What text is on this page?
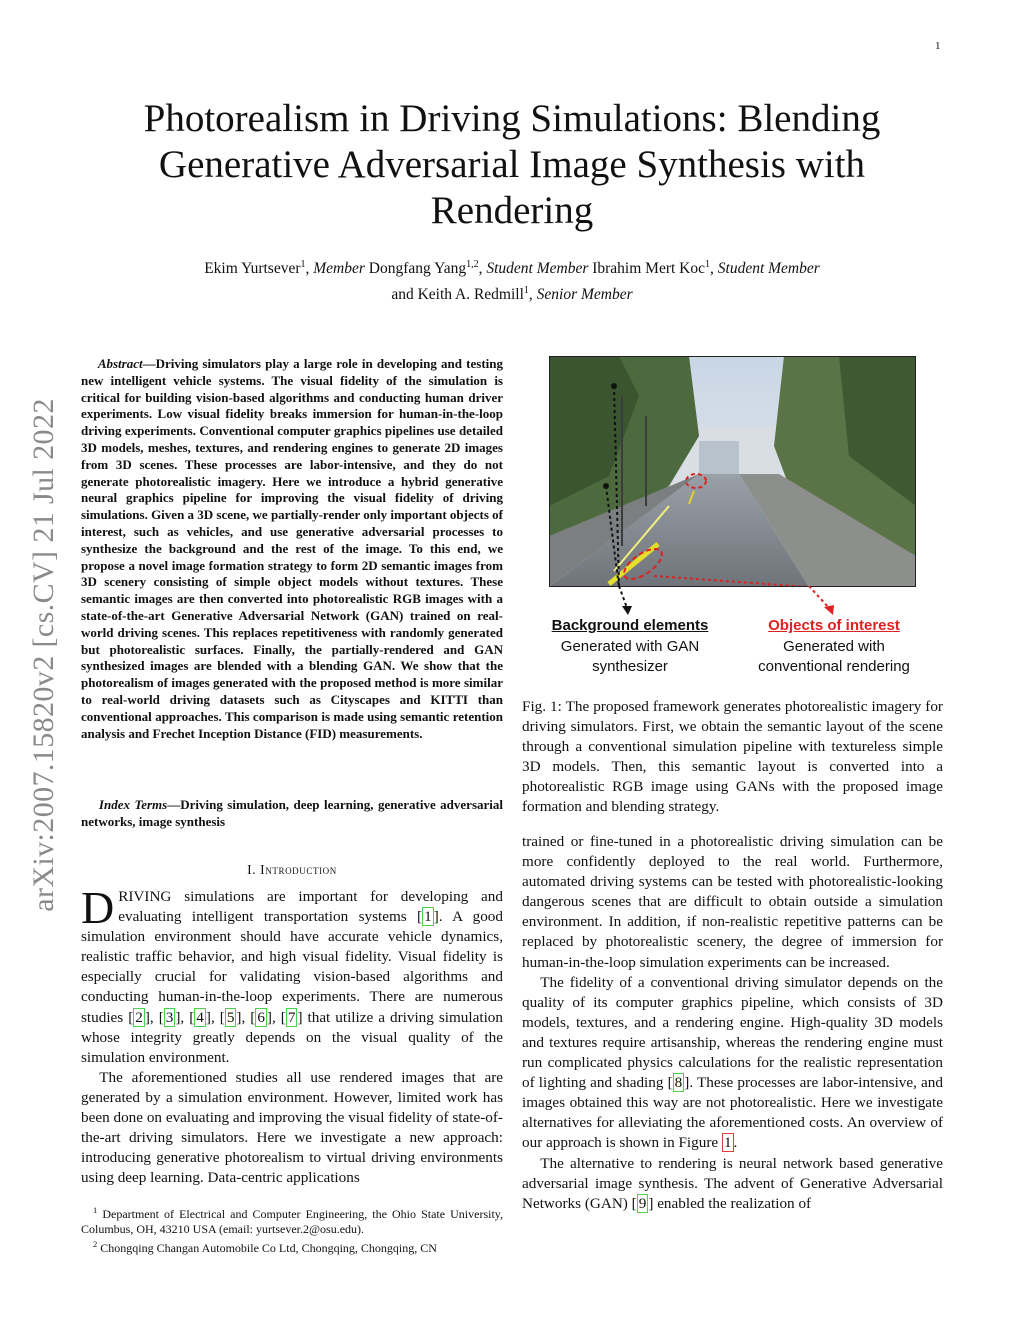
1
arXiv:2007.15820v2 [cs.CV] 21 Jul 2022
Photorealism in Driving Simulations: Blending
Generative Adversarial Image Synthesis with
Rendering
Ekim Yurtsever$^1$, Member Dongfang Yang$^{1,2}$, Student Member Ibrahim Mert Koc$^1$, Student Member
and Keith A. Redmill$^1$, Senior Member
Abstract—Driving simulators play a large role in developing and testing new intelligent vehicle systems. The visual fidelity of the simulation is critical for building vision-based algorithms and conducting human driver experiments. Low visual fidelity breaks immersion for human-in-the-loop driving experiments. Conventional computer graphics pipelines use detailed 3D models, meshes, textures, and rendering engines to generate 2D images from 3D scenes. These processes are labor-intensive, and they do not generate photorealistic imagery. Here we introduce a hybrid generative neural graphics pipeline for improving the visual fidelity of driving simulations. Given a 3D scene, we partially-render only important objects of interest, such as vehicles, and use generative adversarial processes to synthesize the background and the rest of the image. To this end, we propose a novel image formation strategy to form 2D semantic images from 3D scenery consisting of simple object models without textures. These semantic images are then converted into photorealistic RGB images with a state-of-the-art Generative Adversarial Network (GAN) trained on real-world driving scenes. This replaces repetitiveness with randomly generated but photorealistic surfaces. Finally, the partially-rendered and GAN synthesized images are blended with a blending GAN. We show that the photorealism of images generated with the proposed method is more similar to real-world driving datasets such as Cityscapes and KITTI than conventional approaches. This comparison is made using semantic retention analysis and Frechet Inception Distance (FID) measurements.
Index Terms—Driving simulation, deep learning, generative adversarial networks, image synthesis
I. Introduction

DRIVING simulations are important for developing and evaluating intelligent transportation systems [ 1 ]. A good simulation environment should have accurate vehicle dynamics, realistic traffic behavior, and high visual fidelity. Visual fidelity is especially crucial for validating vision-based algorithms and conducting human-in-the-loop experiments. There are numerous studies [ 2 ], [ 3 ], [ 4 ], [ 5 ], [ 6 ], [ 7 ] that utilize a driving simulation whose integrity greatly depends on the visual quality of the simulation environment.

The aforementioned studies all use rendered images that are generated by a simulation environment. However, limited work has been done on evaluating and improving the visual fidelity of state-of-the-art driving simulators. Here we investigate a new approach: introducing generative photorealism to virtual driving environments using deep learning. Data-centric applications

$^1$ Department of Electrical and Computer Engineering, the Ohio State University, Columbus, OH, 43210 USA (email: yurtsever.2@osu.edu).
$^2$ Chongqing Changan Automobile Co Ltd, Chongqing, Chongqing, CN
Background elements
Generated with GAN
synthesizer
Objects of interest
Generated with
conventional rendering
Fig. 1: The proposed framework generates photorealistic imagery for driving simulators. First, we obtain the semantic layout of the scene through a conventional simulation pipeline with textureless simple 3D models. Then, this semantic layout is converted into a photorealistic RGB image using GANs with the proposed image formation and blending strategy.

trained or fine-tuned in a photorealistic driving simulation can be more confidently deployed to the real world. Furthermore, automated driving systems can be tested with photorealistic-looking dangerous scenes that are difficult to obtain outside a simulation environment. In addition, if non-realistic repetitive patterns can be replaced by photorealistic scenery, the degree of immersion for human-in-the-loop simulation experiments can be increased.

The fidelity of a conventional driving simulator depends on the quality of its computer graphics pipeline, which consists of 3D models, textures, and a rendering engine. High-quality 3D models and textures require artisanship, whereas the rendering engine must run complicated physics calculations for the realistic representation of lighting and shading [ 8 ]. These processes are labor-intensive, and images obtained this way are not photorealistic. Here we investigate alternatives for alleviating the aforementioned costs. An overview of our approach is shown in Figure 1 .

The alternative to rendering is neural network based generative adversarial image synthesis. The advent of Generative Adversarial Networks (GAN) [ 9 ] enabled the realization of
